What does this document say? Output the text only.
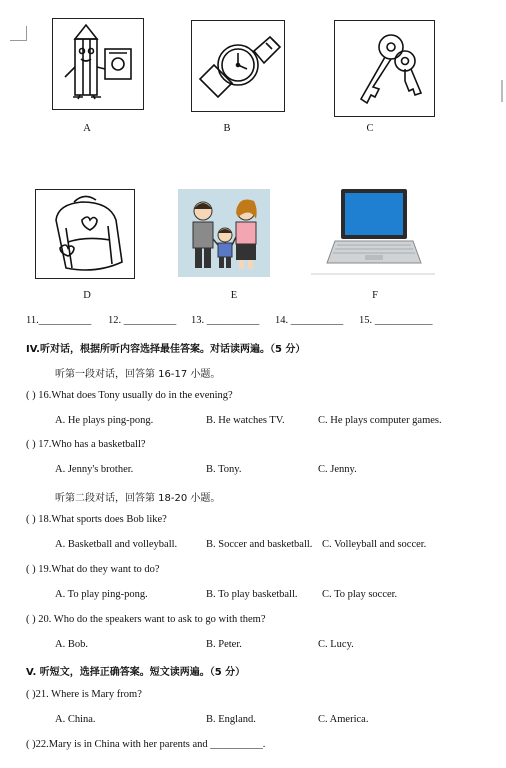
A	B	C
D	E	F
11.__________ 12. __________ 13. __________ 14. __________ 15. ___________
IV.听对话，根据所听内容选择最佳答案。对话读两遍。（5 分）
听第一段对话，回答第 16-17 小题。
( ) 16.What does Tony usually do in the evening?
A. He plays ping-pong.	B. He watches TV.	C. He plays computer games.
( ) 17.Who has a basketball?
A. Jenny's brother.	B. Tony.	C. Jenny.
听第二段对话，回答第 18-20 小题。
( ) 18.What sports does Bob like?
A. Basketball and volleyball.	B. Soccer and basketball. C. Volleyball and soccer.
( ) 19.What do they want to do?
A. To play ping-pong.	B. To play basketball. C. To play soccer.
( ) 20. Who do the speakers want to ask to go with them?
A. Bob.	B. Peter.	C. Lucy.
V. 听短文，选择正确答案。短文读两遍。（5 分）
( )21. Where is Mary from?
A. China.	B. England.	C. America.
( )22.Mary is in China with her parents and __________.
